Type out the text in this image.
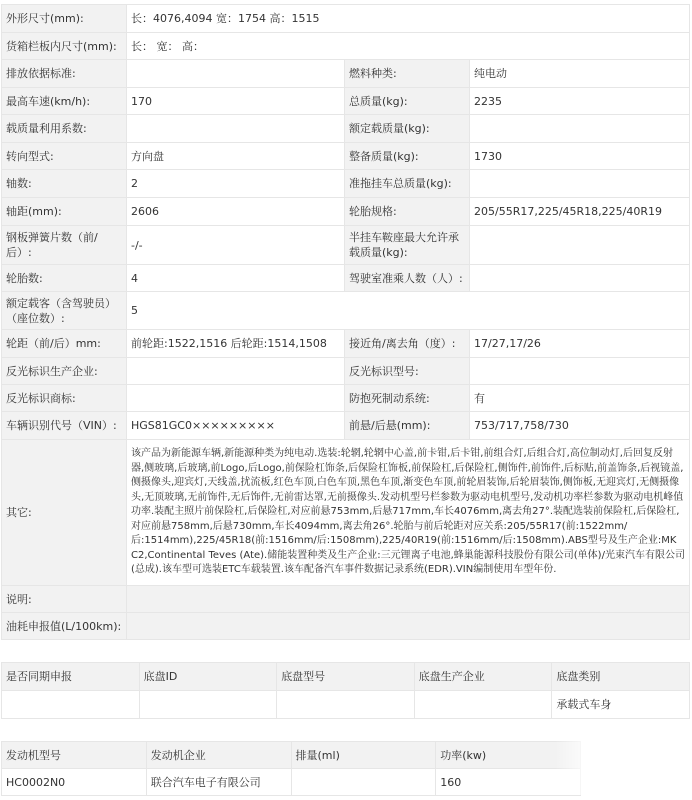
外形尺寸(mm):	长：4076,4094 宽：1754 高：1515		
货箱栏板内尺寸(mm):	长： 宽： 高：		
排放依据标准:		燃料种类:	纯电动
最高车速(km/h):	170	总质量(kg):	2235
载质量利用系数:		额定载质量(kg):	
转向型式:	方向盘	整备质量(kg):	1730
轴数:	2	准拖挂车总质量(kg):	
轴距(mm):	2606	轮胎规格:	205/55R17,225/45R18,225/40R19
钢板弹簧片数（前/后）:	-/-	半挂车鞍座最大允许承载质量(kg):	
轮胎数:	4	驾驶室准乘人数（人）:	
额定载客（含驾驶员）（座位数）:	5		
轮距（前/后）mm:	前轮距:1522,1516 后轮距:1514,1508	接近角/离去角（度）:	17/27,17/26
反光标识生产企业:		反光标识型号:	
反光标识商标:		防抱死制动系统:	有
车辆识别代号（VIN）:	HGS81GC0×××××××××	前悬/后悬(mm):	753/717,758/730
其它:	该产品为新能源车辆,新能源种类为纯电动.选装:轮辋,轮辋中心盖,前卡钳,后卡钳,前组合灯,后组合灯,高位制动灯,后回复反射器,侧玻璃,后玻璃,前Logo,后Logo,前保险杠饰条,后保险杠饰板,前保险杠,后保险杠,侧饰件,前饰件,后标贴,前盖饰条,后视镜盖,侧摄像头,迎宾灯,天线盖,扰流板,红色车顶,白色车顶,黑色车顶,渐变色车顶,前轮眉装饰,后轮眉装饰,侧饰板,无迎宾灯,无侧摄像头,无顶玻璃,无前饰件,无后饰件,无前雷达罩,无前摄像头.发动机型号栏参数为驱动电机型号,发动机功率栏参数为驱动电机峰值功率.装配主照片前保险杠,后保险杠,对应前悬753mm,后悬717mm,车长4076mm,离去角27°.装配选装前保险杠,后保险杠,对应前悬758mm,后悬730mm,车长4094mm,离去角26°.轮胎与前后轮距对应关系:205/55R17(前:1522mm/后:1514mm),225/45R18(前:1516mm/后:1508mm),225/40R19(前:1516mm/后:1508mm).ABS型号及生产企业:MK C2,Continental Teves (Ate).储能装置种类及生产企业:三元锂离子电池,蜂巢能源科技股份有限公司(单体)/光束汽车有限公司(总成).该车型可选装ETC车载装置.该车配备汽车事件数据记录系统(EDR).VIN编制使用车型年份.		
说明:			
油耗申报值(L/100km):			
是否同期申报	底盘ID	底盘型号	底盘生产企业	底盘类别
				承载式车身
发动机型号	发动机企业	排量(ml)	功率(kw)
HC0002N0	联合汽车电子有限公司		160
